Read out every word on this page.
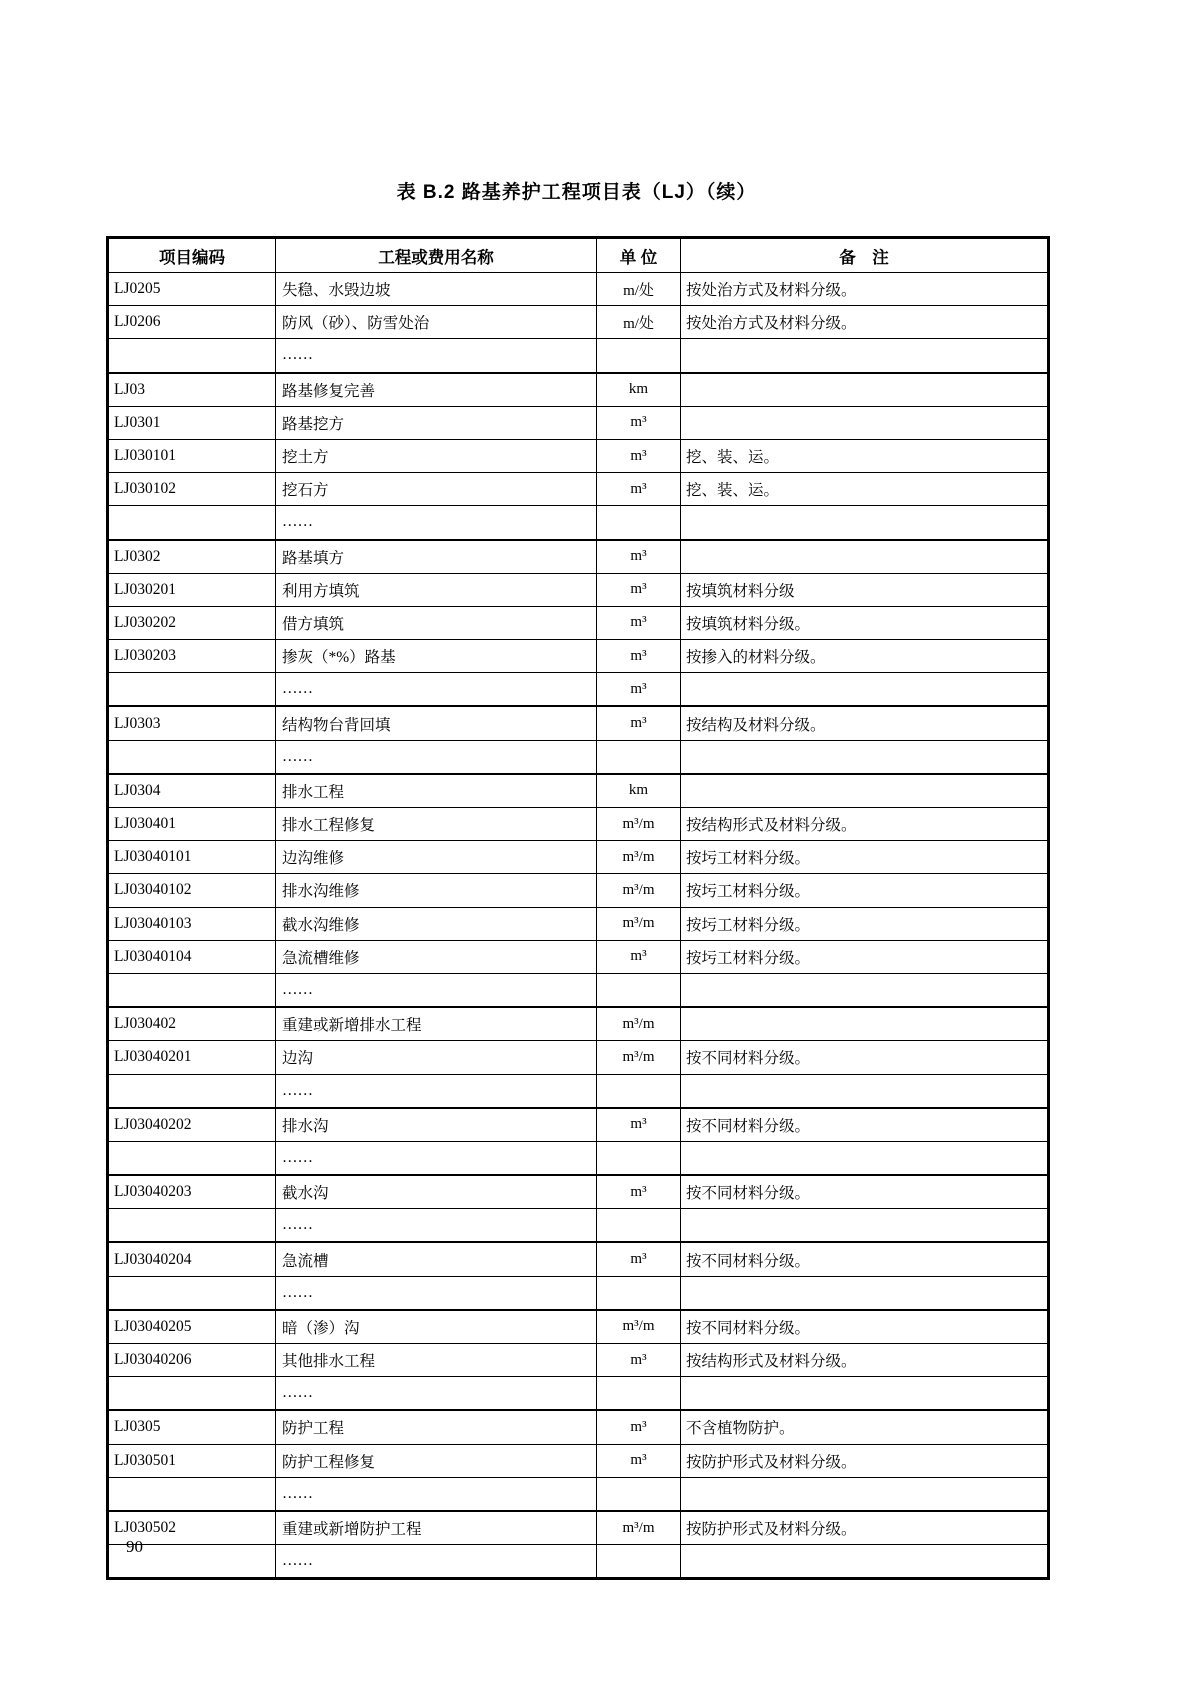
表 B.2 路基养护工程项目表（LJ）（续）
项目编码	工程或费用名称	单 位	备　注
LJ0205	失稳、水毁边坡	m/处	按处治方式及材料分级。
LJ0206	防风（砂）、防雪处治	m/处	按处治方式及材料分级。
	……		
LJ03	路基修复完善	km	
LJ0301	路基挖方	m³	
LJ030101	挖土方	m³	挖、装、运。
LJ030102	挖石方	m³	挖、装、运。
	……		
LJ0302	路基填方	m³	
LJ030201	利用方填筑	m³	按填筑材料分级
LJ030202	借方填筑	m³	按填筑材料分级。
LJ030203	掺灰（*%）路基	m³	按掺入的材料分级。
	……	m³	
LJ0303	结构物台背回填	m³	按结构及材料分级。
	……		
LJ0304	排水工程	km	
LJ030401	排水工程修复	m³/m	按结构形式及材料分级。
LJ03040101	边沟维修	m³/m	按圬工材料分级。
LJ03040102	排水沟维修	m³/m	按圬工材料分级。
LJ03040103	截水沟维修	m³/m	按圬工材料分级。
LJ03040104	急流槽维修	m³	按圬工材料分级。
	……		
LJ030402	重建或新增排水工程	m³/m	
LJ03040201	边沟	m³/m	按不同材料分级。
	……		
LJ03040202	排水沟	m³	按不同材料分级。
	……		
LJ03040203	截水沟	m³	按不同材料分级。
	……		
LJ03040204	急流槽	m³	按不同材料分级。
	……		
LJ03040205	暗（渗）沟	m³/m	按不同材料分级。
LJ03040206	其他排水工程	m³	按结构形式及材料分级。
	……		
LJ0305	防护工程	m³	不含植物防护。
LJ030501	防护工程修复	m³	按防护形式及材料分级。
	……		
LJ030502	重建或新增防护工程	m³/m	按防护形式及材料分级。
	……		
90
